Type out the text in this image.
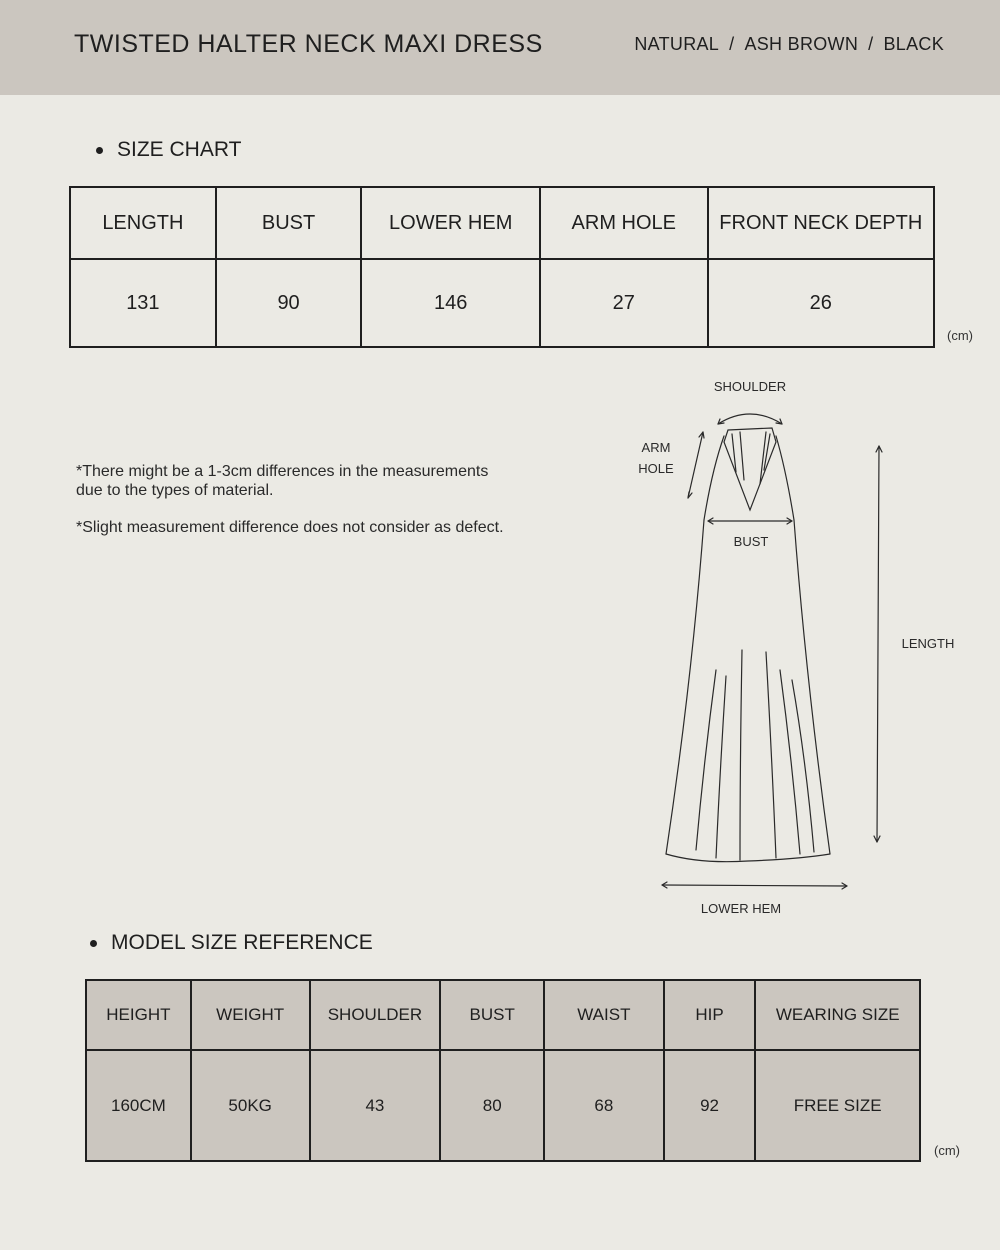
TWISTED HALTER NECK MAXI DRESS	NATURAL / ASH BROWN / BLACK
SIZE CHART
LENGTH	BUST	LOWER HEM	ARM HOLE	FRONT NECK DEPTH
131	90	146	27	26
(cm)

*There might be a 1-3cm differences in the measurements due to the types of material.

*Slight measurement difference does not consider as defect.

SHOULDER
ARM
HOLE
BUST
LENGTH
LOWER HEM
MODEL SIZE REFERENCE
HEIGHT	WEIGHT	SHOULDER	BUST	WAIST	HIP	WEARING SIZE
160CM	50KG	43	80	68	92	FREE SIZE
(cm)
